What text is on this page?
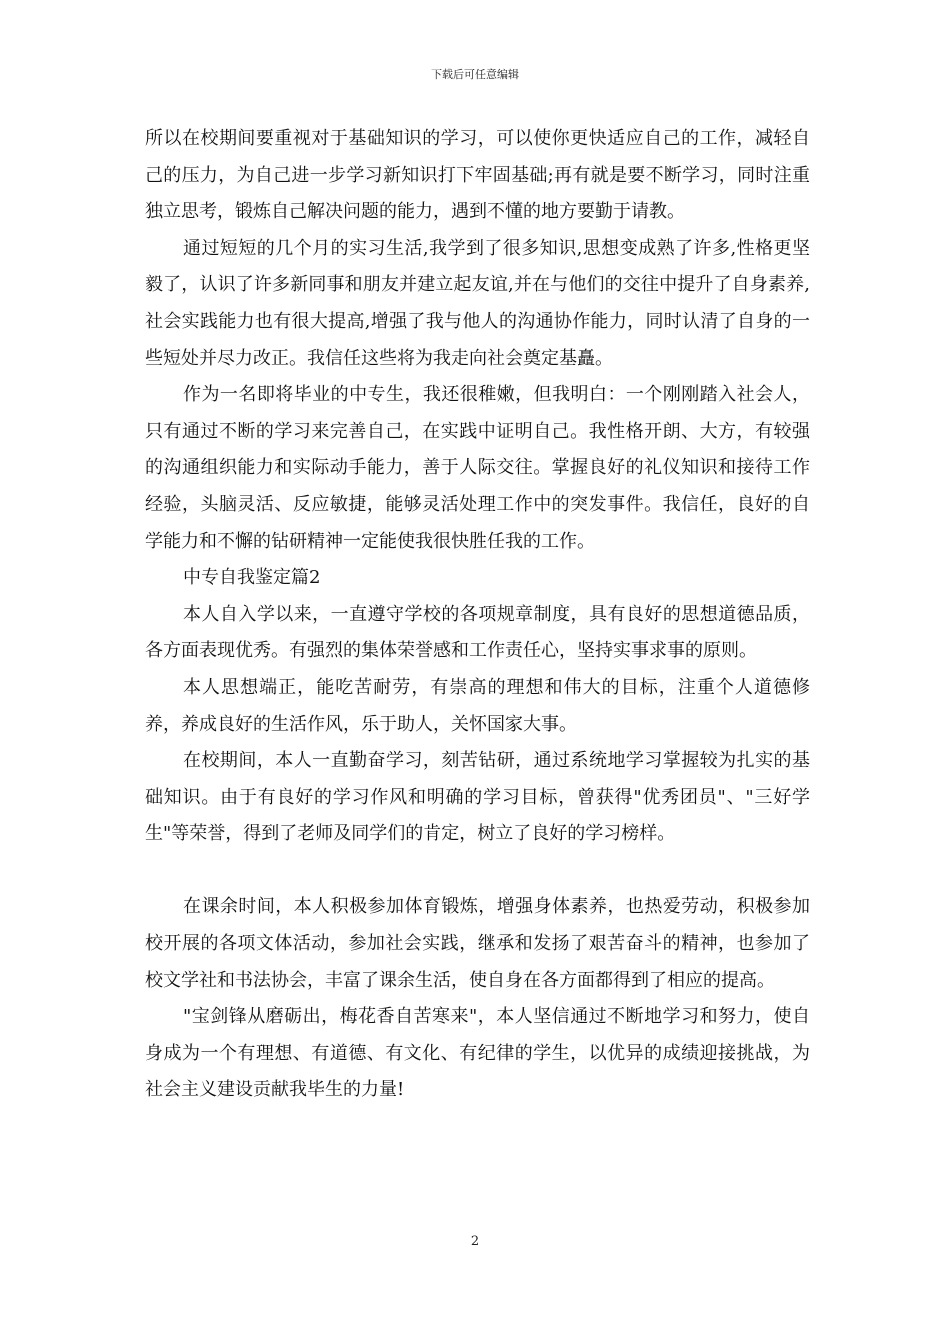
下载后可任意编辑

所以在校期间要重视对于基础知识的学习，可以使你更快适应自己的工作，减轻自己的压力，为自己进一步学习新知识打下牢固基础;再有就是要不断学习，同时注重独立思考，锻炼自己解决问题的能力，遇到不懂的地方要勤于请教。

通过短短的几个月的实习生活,我学到了很多知识,思想变成熟了许多,性格更坚毅了，认识了许多新同事和朋友并建立起友谊,并在与他们的交往中提升了自身素养,社会实践能力也有很大提高,增强了我与他人的沟通协作能力，同时认清了自身的一些短处并尽力改正。我信任这些将为我走向社会奠定基矗。

作为一名即将毕业的中专生，我还很稚嫩，但我明白：一个刚刚踏入社会人，只有通过不断的学习来完善自己，在实践中证明自己。我性格开朗、大方，有较强的沟通组织能力和实际动手能力，善于人际交往。掌握良好的礼仪知识和接待工作经验，头脑灵活、反应敏捷，能够灵活处理工作中的突发事件。我信任，良好的自学能力和不懈的钻研精神一定能使我很快胜任我的工作。

中专自我鉴定篇2

本人自入学以来，一直遵守学校的各项规章制度，具有良好的思想道德品质，各方面表现优秀。有强烈的集体荣誉感和工作责任心，坚持实事求事的原则。

本人思想端正，能吃苦耐劳，有崇高的理想和伟大的目标，注重个人道德修养，养成良好的生活作风，乐于助人，关怀国家大事。

在校期间，本人一直勤奋学习，刻苦钻研，通过系统地学习掌握较为扎实的基础知识。由于有良好的学习作风和明确的学习目标，曾获得"优秀团员"、"三好学生"等荣誉，得到了老师及同学们的肯定，树立了良好的学习榜样。

在课余时间，本人积极参加体育锻炼，增强身体素养，也热爱劳动，积极参加校开展的各项文体活动，参加社会实践，继承和发扬了艰苦奋斗的精神，也参加了校文学社和书法协会，丰富了课余生活，使自身在各方面都得到了相应的提高。

"宝剑锋从磨砺出，梅花香自苦寒来"，本人坚信通过不断地学习和努力，使自身成为一个有理想、有道德、有文化、有纪律的学生，以优异的成绩迎接挑战，为社会主义建设贡献我毕生的力量!

2
